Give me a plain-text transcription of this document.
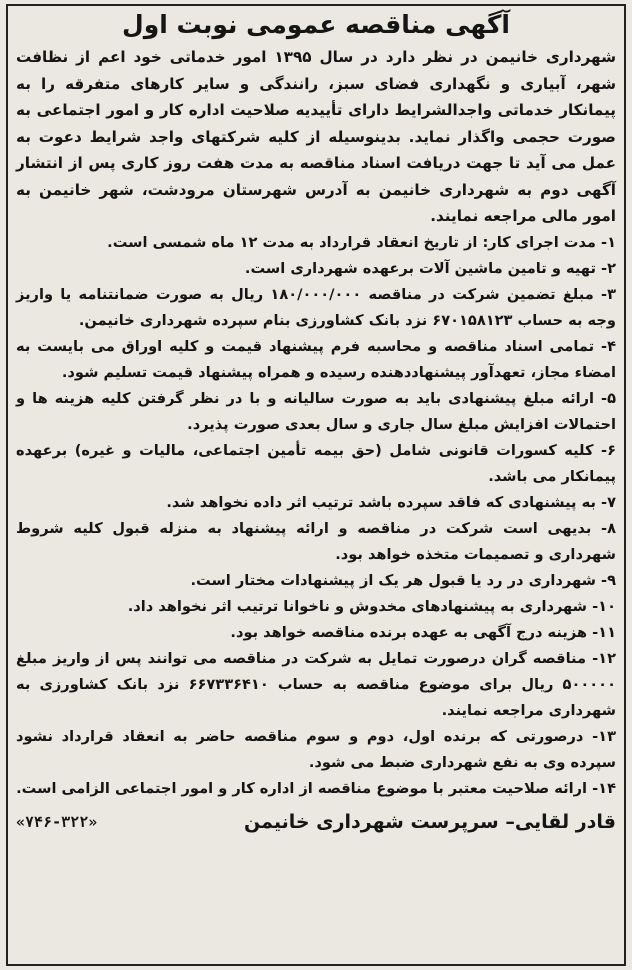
آگهی مناقصه عمومی نوبت اول

شهرداری خانیمن در نظر دارد در سال ۱۳۹۵ امور خدماتی خود اعم از نظافت شهر، آبیاری و نگهداری فضای سبز، رانندگی و سایر کارهای متفرقه را به پیمانکار خدماتی واجدالشرایط دارای تأییدیه صلاحیت اداره کار و امور اجتماعی به صورت حجمی واگذار نماید. بدینوسیله از کلیه شرکتهای واجد شرایط دعوت به عمل می آید تا جهت دریافت اسناد مناقصه به مدت هفت روز کاری پس از انتشار آگهی دوم به شهرداری خانیمن به آدرس شهرستان مرودشت، شهر خانیمن به امور مالی مراجعه نمایند.

۱- مدت اجرای کار: از تاریخ انعقاد قرارداد به مدت ۱۲ ماه شمسی است.
۲- تهیه و تامین ماشین آلات برعهده شهرداری است.
۳- مبلغ تضمین شرکت در مناقصه ۱۸۰/۰۰۰/۰۰۰ ریال به صورت ضمانتنامه یا واریز وجه به حساب ۶۷۰۱۵۸۱۲۳ نزد بانک کشاورزی بنام سپرده شهرداری خانیمن.
۴- تمامی اسناد مناقصه و محاسبه فرم پیشنهاد قیمت و کلیه اوراق می بایست به امضاء مجاز، تعهدآور پیشنهاددهنده رسیده و همراه پیشنهاد قیمت تسلیم شود.
۵- ارائه مبلغ پیشنهادی باید به صورت سالیانه و با در نظر گرفتن کلیه هزینه ها و احتمالات افزایش مبلغ سال جاری و سال بعدی صورت پذیرد.
۶- کلیه کسورات قانونی شامل (حق بیمه تأمین اجتماعی، مالیات و غیره) برعهده پیمانکار می باشد.
۷- به پیشنهادی که فاقد سپرده باشد ترتیب اثر داده نخواهد شد.
۸- بدیهی است شرکت در مناقصه و ارائه پیشنهاد به منزله قبول کلیه شروط شهرداری و تصمیمات متخذه خواهد بود.
۹- شهرداری در رد یا قبول هر یک از پیشنهادات مختار است.
۱۰- شهرداری به پیشنهادهای مخدوش و ناخوانا ترتیب اثر نخواهد داد.
۱۱- هزینه درج آگهی به عهده برنده مناقصه خواهد بود.
۱۲- مناقصه گران درصورت تمایل به شرکت در مناقصه می توانند پس از واریز مبلغ ۵۰۰۰۰۰ ریال برای موضوع مناقصه به حساب ۶۶۷۳۳۶۴۱۰ نزد بانک کشاورزی به شهرداری مراجعه نمایند.
۱۳- درصورتی که برنده اول، دوم و سوم مناقصه حاضر به انعقاد قرارداد نشود سپرده وی به نفع شهرداری ضبط می شود.
۱۴- ارائه صلاحیت معتبر با موضوع مناقصه از اداره کار و امور اجتماعی الزامی است.
قادر لقایی– سرپرست شهرداری خانیمن
«۷۴۶-۳۲۲»
